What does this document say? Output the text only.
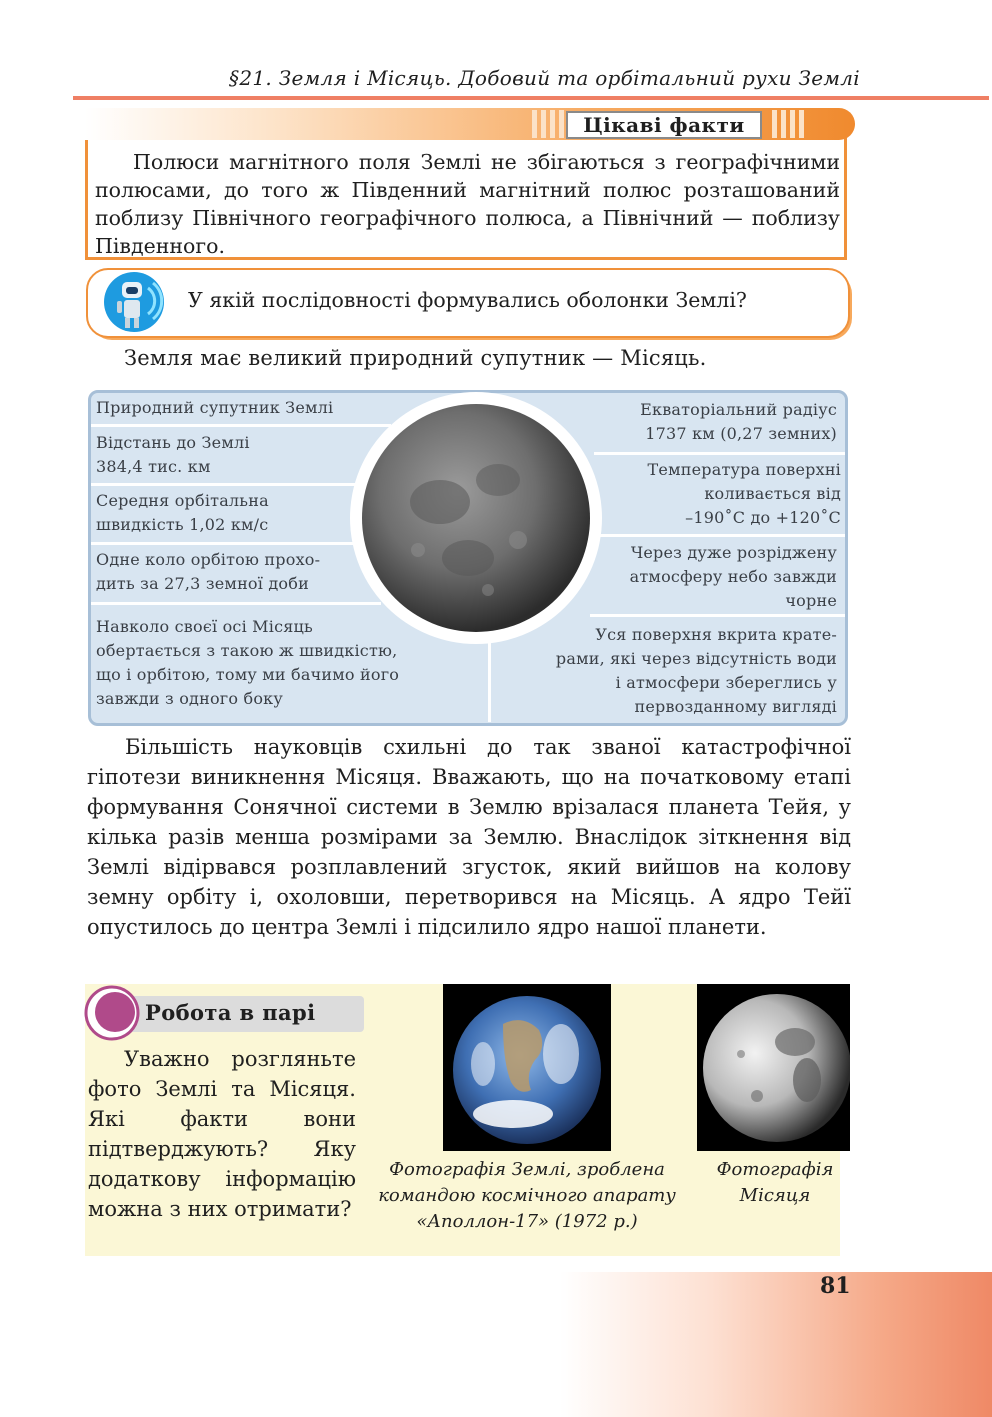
§21. Земля і Місяць. Добовий та орбітальний рухи Землі
Цікаві факти
Полюси магнітного поля Землі не збігаються з географічними полюсами, до того ж Південний магнітний полюс розташований поблизу Північного географічного полюса, а Північний — поблизу Південного.
У якій послідовності формувались оболонки Землі?
Земля має великий природний супутник — Місяць.
Природний супутник Землі
Відстань до Землі
384,4 тис. км
Середня орбітальна
швидкість 1,02 км/с
Одне коло орбітою прохо-
дить за 27,3 земної доби
Навколо своєї осі Місяць
обертається з такою ж швидкістю,
що і орбітою, тому ми бачимо його
завжди з одного боку
Екваторіальний радіус
1737 км (0,27 земних)
Температура поверхні
коливається від
–190˚С до +120˚С
Через дуже розріджену
атмосферу небо завжди
чорне
Уся поверхня вкрита крате-
рами, які через відсутність води
і атмосфери збереглись у
первозданному вигляді
Більшість науковців схильні до так званої катастрофічної гіпотези виникнення Місяця. Вважають, що на початковому етапі формування Сонячної системи в Землю врізалася планета Тейя, у кілька разів менша розмірами за Землю. Внаслідок зіткнення від Землі відірвався розплавлений згусток, який вийшов на колову земну орбіту і, охоловши, перетворився на Місяць. А ядро Тейї опустилось до центра Землі і підсилило ядро нашої планети.
Робота в парі
Уважно розгляньте фото Землі та Місяця. Які факти вони підтверджують? Яку додаткову інформацію можна з них отримати?
Фотографія Землі, зроблена
командою космічного апарату
«Аполлон-17» (1972 р.)
Фотографія
Місяця
81
